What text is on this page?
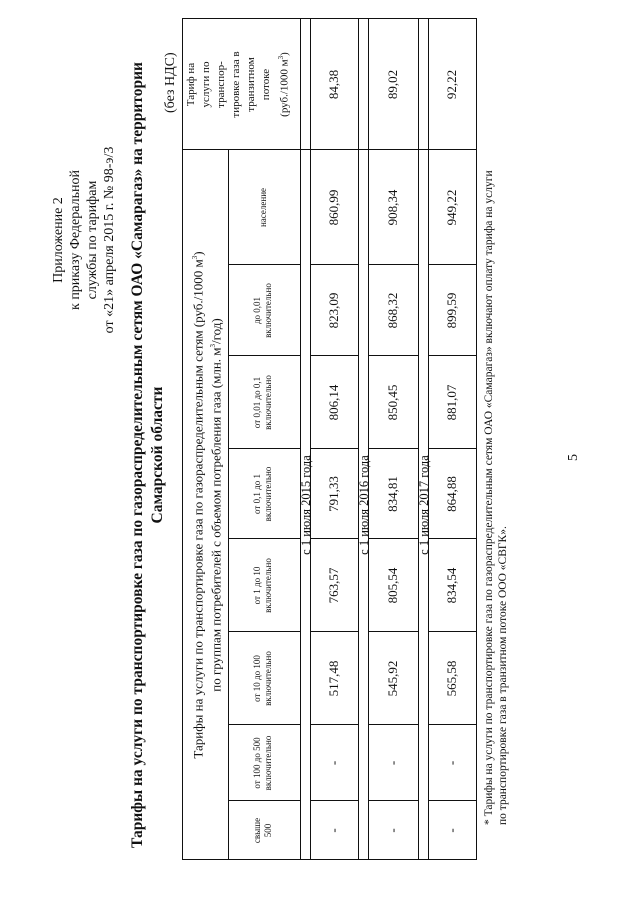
Приложение 2 к приказу Федеральной службы по тарифам от «21» апреля 2015 г. № 98-э/3 Тарифы на услуги по транспортировке газа по газораспределительным сетям ОАО «Самарагаз» на территории Самарской области
(без НДС)
Тарифы на услуги по транспортировке газа по газораспределительным сетям (руб./1000 $м^3$)
по группам потребителей с объемом потребления газа (млн. $м^3/год$)
Тариф на услуги по транспор- тировке газа в транзитном потоке (руб./1000 $м^3$)
свыше 500
от 100 до 500 включительно
от 10 до 100 включительно
от 1 до 10 включительно
от 0,1 до 1 включительно
от 0,01 до 0,1 включительно
до 0,01 включительно
население
с 1 июля 2015 года	с 1 июля 2016 года	с 1 июля 2017 года
-
-
517,48
763,57
791,33
806,14
823,09
860,99
84,38
-
-
545,92
805,54
834,81
850,45
868,32
908,34
89,02
-
-
565,58
834,54
864,88
881,07
899,59
949,22
92,22
* Тарифы на услуги по транспортировке газа по газораспределительным сетям ОАО «Самарагаз» включают оплату тарифа на услуги по транспортировке газа в транзитном потоке ООО «СВГК».
5
